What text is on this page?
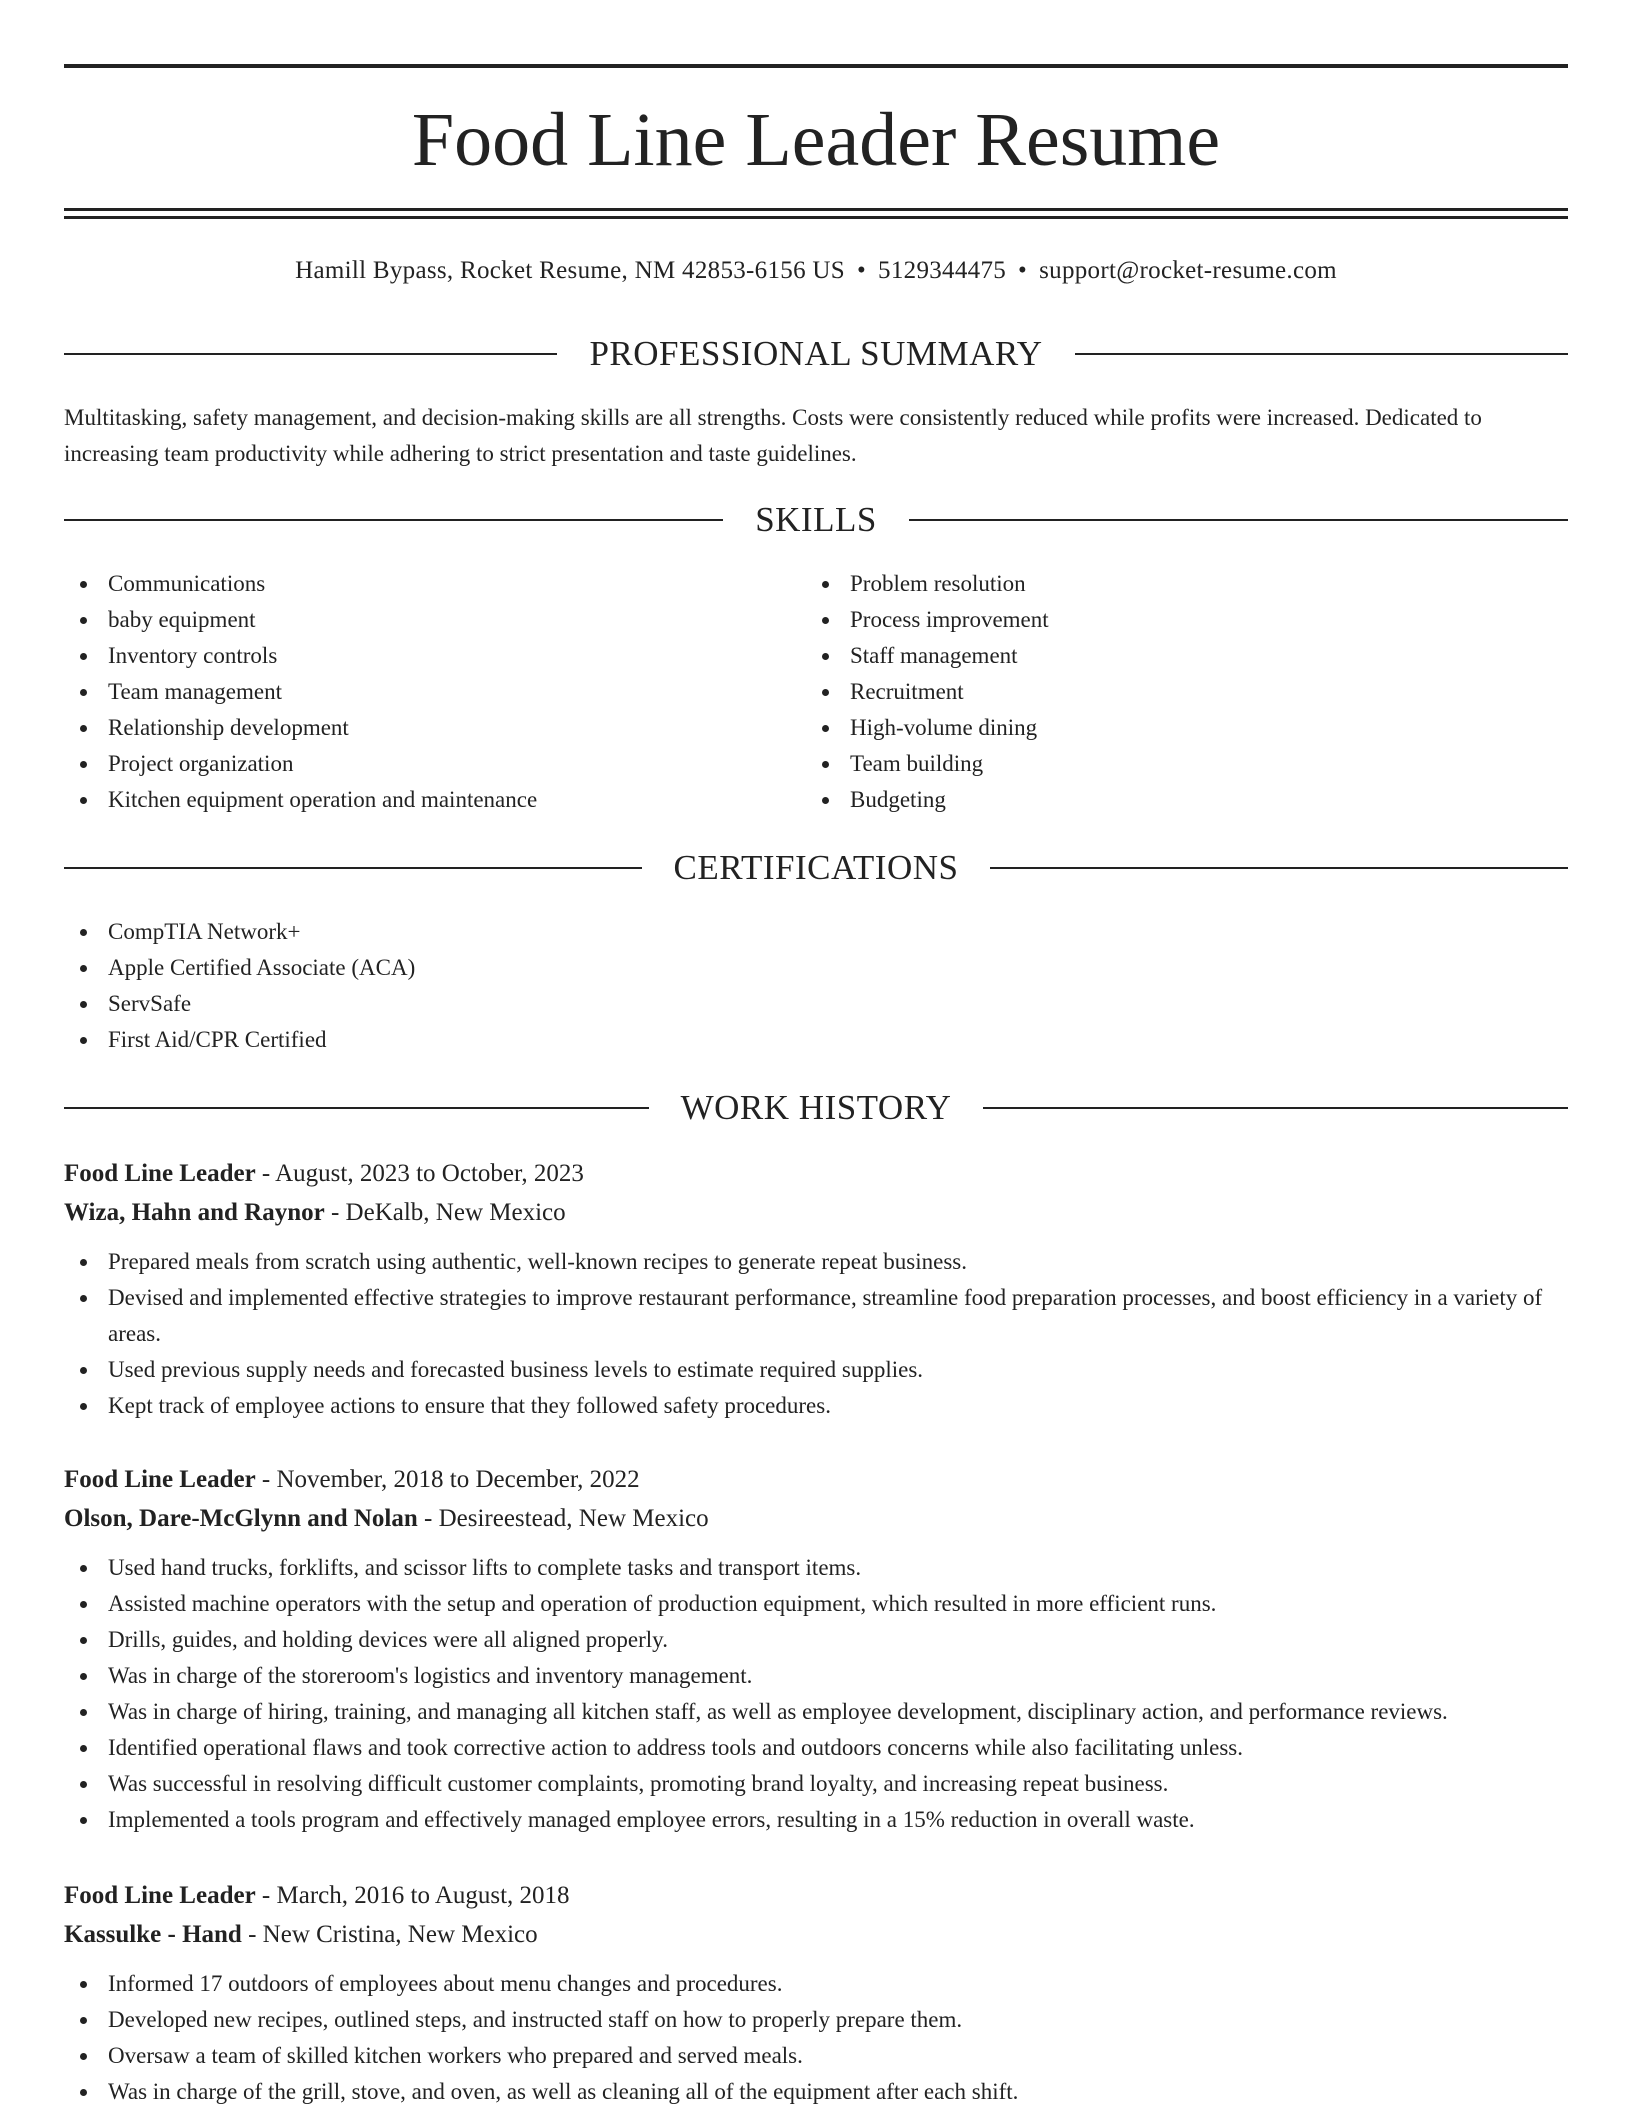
Food Line Leader Resume
Hamill Bypass, Rocket Resume, NM 42853-6156 US • 5129344475 • support@rocket-resume.com
PROFESSIONAL SUMMARY

Multitasking, safety management, and decision-making skills are all strengths. Costs were consistently reduced while profits were increased. Dedicated to increasing team productivity while adhering to strict presentation and taste guidelines.

SKILLS
Communications
baby equipment
Inventory controls
Team management
Relationship development
Project organization
Kitchen equipment operation and maintenance
Problem resolution
Process improvement
Staff management
Recruitment
High-volume dining
Team building
Budgeting
CERTIFICATIONS
CompTIA Network+
Apple Certified Associate (ACA)
ServSafe
First Aid/CPR Certified
WORK HISTORY
Food Line Leader - August, 2023 to October, 2023
Wiza, Hahn and Raynor - DeKalb, New Mexico
Prepared meals from scratch using authentic, well-known recipes to generate repeat business.
Devised and implemented effective strategies to improve restaurant performance, streamline food preparation processes, and boost efficiency in a variety of areas.
Used previous supply needs and forecasted business levels to estimate required supplies.
Kept track of employee actions to ensure that they followed safety procedures.
Food Line Leader - November, 2018 to December, 2022
Olson, Dare-McGlynn and Nolan - Desireestead, New Mexico
Used hand trucks, forklifts, and scissor lifts to complete tasks and transport items.
Assisted machine operators with the setup and operation of production equipment, which resulted in more efficient runs.
Drills, guides, and holding devices were all aligned properly.
Was in charge of the storeroom's logistics and inventory management.
Was in charge of hiring, training, and managing all kitchen staff, as well as employee development, disciplinary action, and performance reviews.
Identified operational flaws and took corrective action to address tools and outdoors concerns while also facilitating unless.
Was successful in resolving difficult customer complaints, promoting brand loyalty, and increasing repeat business.
Implemented a tools program and effectively managed employee errors, resulting in a 15% reduction in overall waste.
Food Line Leader - March, 2016 to August, 2018
Kassulke - Hand - New Cristina, New Mexico
Informed 17 outdoors of employees about menu changes and procedures.
Developed new recipes, outlined steps, and instructed staff on how to properly prepare them.
Oversaw a team of skilled kitchen workers who prepared and served meals.
Was in charge of the grill, stove, and oven, as well as cleaning all of the equipment after each shift.
